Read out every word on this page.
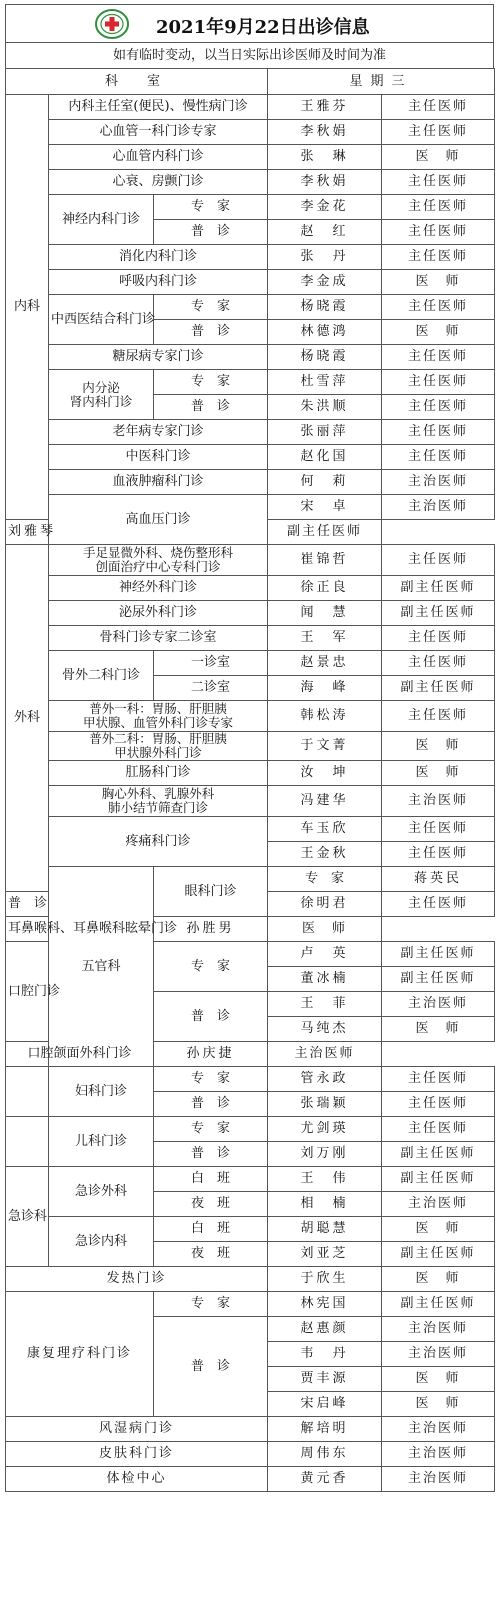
2021年9月22日出诊信息
如有临时变动，以当日实际出诊医师及时间为准
科　室			星期三		
内科	内科主任室(便民)、慢性病门诊		王雅芬	主任医师	
	心血管一科门诊专家		李秋娟	主任医师	
	心血管内科门诊		张　琳	医　师	
	心衰、房颤门诊		李秋娟	主任医师	
	神经内科门诊	专　家	李金花	主任医师	
		普　诊	赵　红	主任医师	
	消化内科门诊		张　丹	主任医师	
	呼吸内科门诊		李金成	医　师	
	中西医结合科门诊	专　家	杨晓霞	主任医师	
		普　诊	林德鸿	医　师	
	糖尿病专家门诊		杨晓霞	主任医师	
	内分泌
肾内科门诊	专　家	杜雪萍	主任医师	
		普　诊	朱洪顺	主任医师	
	老年病专家门诊		张丽萍	主任医师	
	中医科门诊		赵化国	主任医师	
	血液肿瘤科门诊		何　莉	主治医师	
	高血压门诊		宋　卓	主治医师	
刘雅琴			副主任医师		
外科	手足显微外科、烧伤整形科
创面治疗中心专科门诊		崔锦哲	主任医师	
	神经外科门诊		徐正良	副主任医师	
	泌尿外科门诊		闻　慧	副主任医师	
	骨科门诊专家二诊室		王　军	主任医师	
	骨外二科门诊	一诊室	赵景忠	主任医师	
		二诊室	海　峰	副主任医师	
	普外一科：胃肠、肝胆胰
甲状腺、血管外科门诊专家		韩松涛	主任医师	
	普外二科：胃肠、肝胆胰
甲状腺外科门诊		于文菁	医　师	
	肛肠科门诊		汝　坤	医　师	
	胸心外科、乳腺外科
肺小结节筛查门诊		冯建华	主治医师	
	疼痛科门诊		车玉欣	主任医师	
			王金秋	主任医师	
	五官科	眼科门诊	专　家	蒋英民	
普　诊			徐明君	主任医师	
耳鼻喉科、耳鼻喉科眩晕门诊		孙胜男	医　师		
口腔门诊		专　家	卢　英	副主任医师	
			董冰楠	副主任医师	
		普　诊	王　菲	主治医师	
			马纯杰	医　师	
口腔颌面外科门诊		孙庆捷	主治医师		
	妇科门诊	专　家	管永政	主任医师	
		普　诊	张瑞颖	主任医师	
	儿科门诊	专　家	尤剑瑛	主任医师	
		普　诊	刘万刚	副主任医师	
急诊科	急诊外科	白　班	王　伟	副主任医师	
		夜　班	相　楠	主治医师	
	急诊内科	白　班	胡聪慧	医　师	
		夜　班	刘亚芝	副主任医师	
发热门诊			于欣生	医　师	
康复理疗科门诊		专　家	林宪国	副主任医师	
		普　诊	赵惠颜	主治医师	
			韦　丹	主治医师	
			贾丰源	医　师	
			宋启峰	医　师	
风湿病门诊			解培明	主治医师	
皮肤科门诊			周伟东	主治医师	
体检中心			黄元香	主治医师	
